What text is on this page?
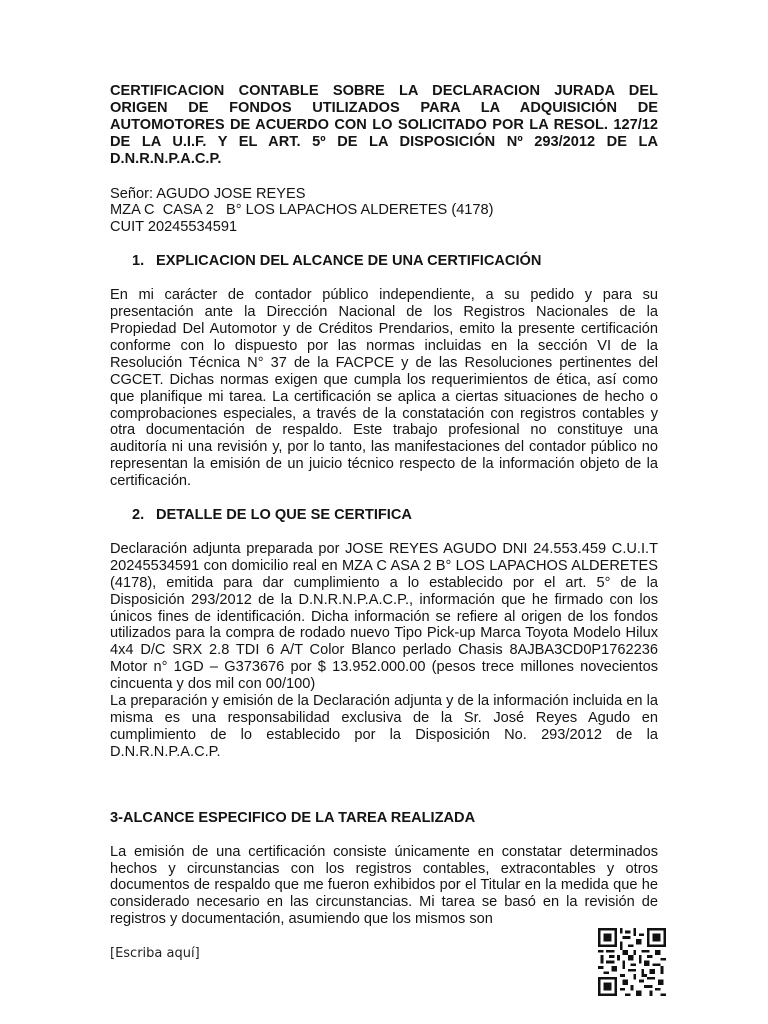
CERTIFICACION CONTABLE SOBRE LA DECLARACION JURADA DEL ORIGEN DE FONDOS UTILIZADOS PARA LA ADQUISICIÓN DE AUTOMOTORES DE ACUERDO CON LO SOLICITADO POR LA RESOL. 127/12 DE LA U.I.F. Y EL ART. 5º DE LA DISPOSICIÓN Nº 293/2012 DE LA D.N.R.N.P.A.C.P.

Señor: AGUDO JOSE REYES
MZA C  CASA 2   B° LOS LAPACHOS ALDERETES (4178)
CUIT 20245534591
1. EXPLICACION DEL ALCANCE DE UNA CERTIFICACIÓN

En mi carácter de contador público independiente, a su pedido y para su presentación ante la Dirección Nacional de los Registros Nacionales de la Propiedad Del Automotor y de Créditos Prendarios, emito la presente certificación conforme con lo dispuesto por las normas incluidas en la sección VI de la Resolución Técnica N° 37 de la FACPCE y de las Resoluciones pertinentes del CGCET. Dichas normas exigen que cumpla los requerimientos de ética, así como que planifique mi tarea. La certificación se aplica a ciertas situaciones de hecho o comprobaciones especiales, a través de la constatación con registros contables y otra documentación de respaldo. Este trabajo profesional no constituye una auditoría ni una revisión y, por lo tanto, las manifestaciones del contador público no representan la emisión de un juicio técnico respecto de la información objeto de la certificación.

2. DETALLE DE LO QUE SE CERTIFICA

Declaración adjunta preparada por JOSE REYES AGUDO DNI 24.553.459 C.U.I.T 20245534591 con domicilio real en MZA C ASA 2 B° LOS LAPACHOS ALDERETES (4178), emitida para dar cumplimiento a lo establecido por el art. 5° de la Disposición 293/2012 de la D.N.R.N.P.A.C.P., información que he firmado con los únicos fines de identificación. Dicha información se refiere al origen de los fondos utilizados para la compra de rodado nuevo Tipo Pick-up Marca Toyota Modelo Hilux 4x4 D/C SRX 2.8 TDI 6 A/T Color Blanco perlado Chasis 8AJBA3CD0P1762236 Motor n° 1GD – G373676 por $ 13.952.000.00 (pesos trece millones novecientos cincuenta y dos mil con 00/100)

La preparación y emisión de la Declaración adjunta y de la información incluida en la misma es una responsabilidad exclusiva de la Sr. José Reyes Agudo en cumplimiento de lo establecido por la Disposición No. 293/2012 de la D.N.R.N.P.A.C.P.

3-ALCANCE ESPECIFICO DE LA TAREA REALIZADA

La emisión de una certificación consiste únicamente en constatar determinados hechos y circunstancias con los registros contables, extracontables y otros documentos de respaldo que me fueron exhibidos por el Titular en la medida que he considerado necesario en las circunstancias. Mi tarea se basó en la revisión de registros y documentación, asumiendo que los mismos son

[Escriba aquí]
